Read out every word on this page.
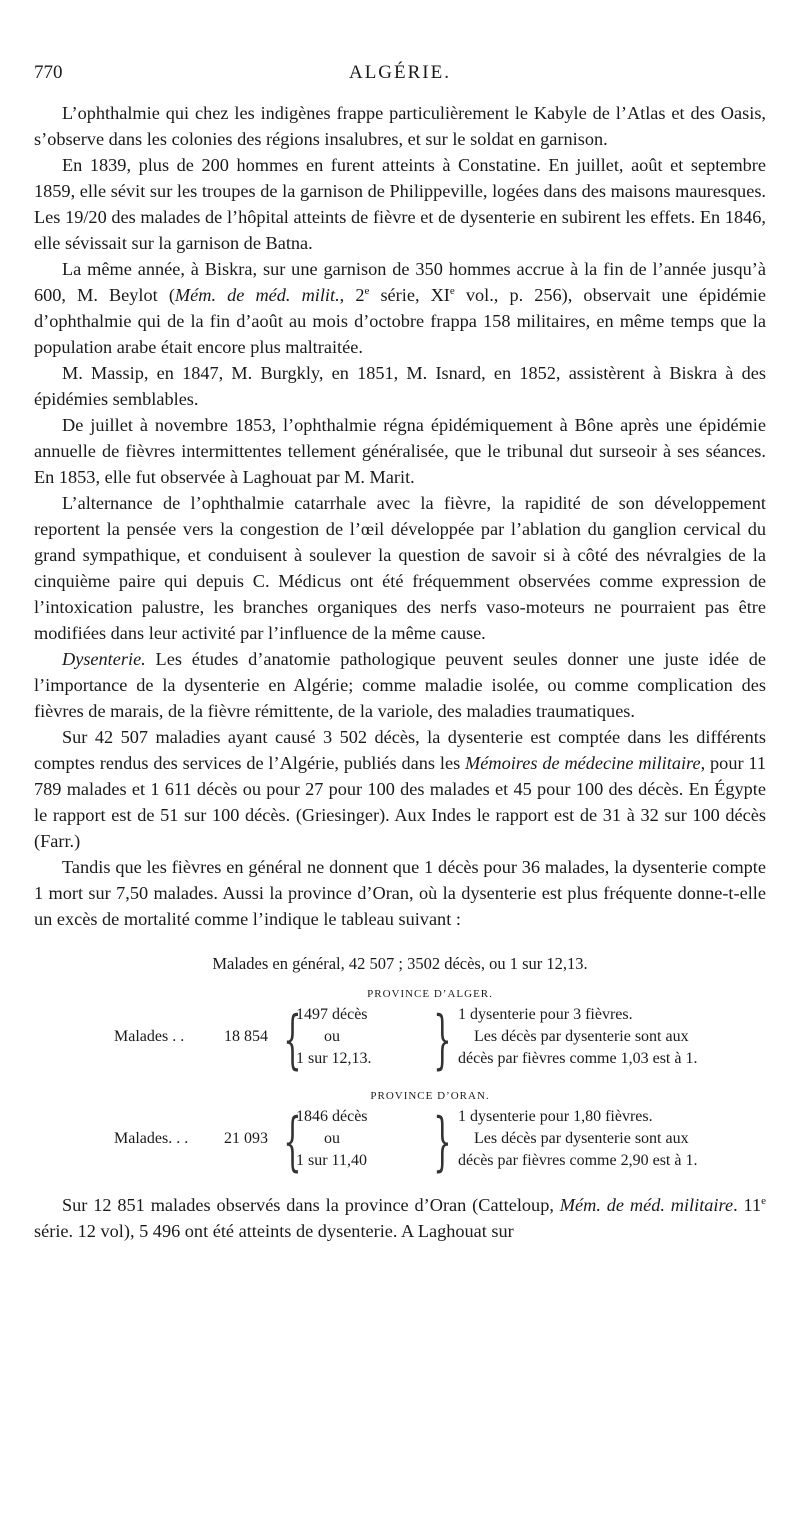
770	ALGÉRIE.

L’ophthalmie qui chez les indigènes frappe particulièrement le Kabyle de l’Atlas et des Oasis, s’observe dans les colonies des régions insalubres, et sur le soldat en garnison.

En 1839, plus de 200 hommes en furent atteints à Constatine. En juillet, août et septembre 1859, elle sévit sur les troupes de la garnison de Philippeville, logées dans des maisons mauresques. Les 19/20 des malades de l’hôpital atteints de fièvre et de dysenterie en subirent les effets. En 1846, elle sévissait sur la garnison de Batna.

La même année, à Biskra, sur une garnison de 350 hommes accrue à la fin de l’année jusqu’à 600, M. Beylot (Mém. de méd. milit., 2e série, XIe vol., p. 256), observait une épidémie d’ophthalmie qui de la fin d’août au mois d’octobre frappa 158 militaires, en même temps que la population arabe était encore plus maltraitée.

M. Massip, en 1847, M. Burgkly, en 1851, M. Isnard, en 1852, assistèrent à Biskra à des épidémies semblables.

De juillet à novembre 1853, l’ophthalmie régna épidémiquement à Bône après une épidémie annuelle de fièvres intermittentes tellement généralisée, que le tribunal dut surseoir à ses séances. En 1853, elle fut observée à Laghouat par M. Marit.

L’alternance de l’ophthalmie catarrhale avec la fièvre, la rapidité de son développement reportent la pensée vers la congestion de l’œil développée par l’ablation du ganglion cervical du grand sympathique, et conduisent à soulever la question de savoir si à côté des névralgies de la cinquième paire qui depuis C. Médicus ont été fréquemment observées comme expression de l’intoxication palustre, les branches organiques des nerfs vaso-moteurs ne pourraient pas être modifiées dans leur activité par l’influence de la même cause.

Dysenterie. Les études d’anatomie pathologique peuvent seules donner une juste idée de l’importance de la dysenterie en Algérie; comme maladie isolée, ou comme complication des fièvres de marais, de la fièvre rémittente, de la variole, des maladies traumatiques.

Sur 42 507 maladies ayant causé 3 502 décès, la dysenterie est comptée dans les différents comptes rendus des services de l’Algérie, publiés dans les Mémoires de médecine militaire, pour 11 789 malades et 1 611 décès ou pour 27 pour 100 des malades et 45 pour 100 des décès. En Égypte le rapport est de 51 sur 100 décès. (Griesinger). Aux Indes le rapport est de 31 à 32 sur 100 décès (Farr.)

Tandis que les fièvres en général ne donnent que 1 décès pour 36 malades, la dysenterie compte 1 mort sur 7,50 malades. Aussi la province d’Oran, où la dysenterie est plus fréquente donne-t-elle un excès de mortalité comme l’indique le tableau suivant :

Malades en général, 42 507 ; 3502 décès, ou 1 sur 12,13.
PROVINCE D’ALGER.
Malades . . 18 854 {
1497 décès
ou
1 sur 12,13. } 1 dysenterie pour 3 fièvres.
Les décès par dysenterie sont aux
décès par fièvres comme 1,03 est à 1.
PROVINCE D’ORAN.
Malades. . . 21 093 {
1846 décès
ou
1 sur 11,40 } 1 dysenterie pour 1,80 fièvres.
Les décès par dysenterie sont aux
décès par fièvres comme 2,90 est à 1.

Sur 12 851 malades observés dans la province d’Oran (Catteloup, Mém. de méd. militaire. 11e série. 12 vol), 5 496 ont été atteints de dysenterie. A Laghouat sur
